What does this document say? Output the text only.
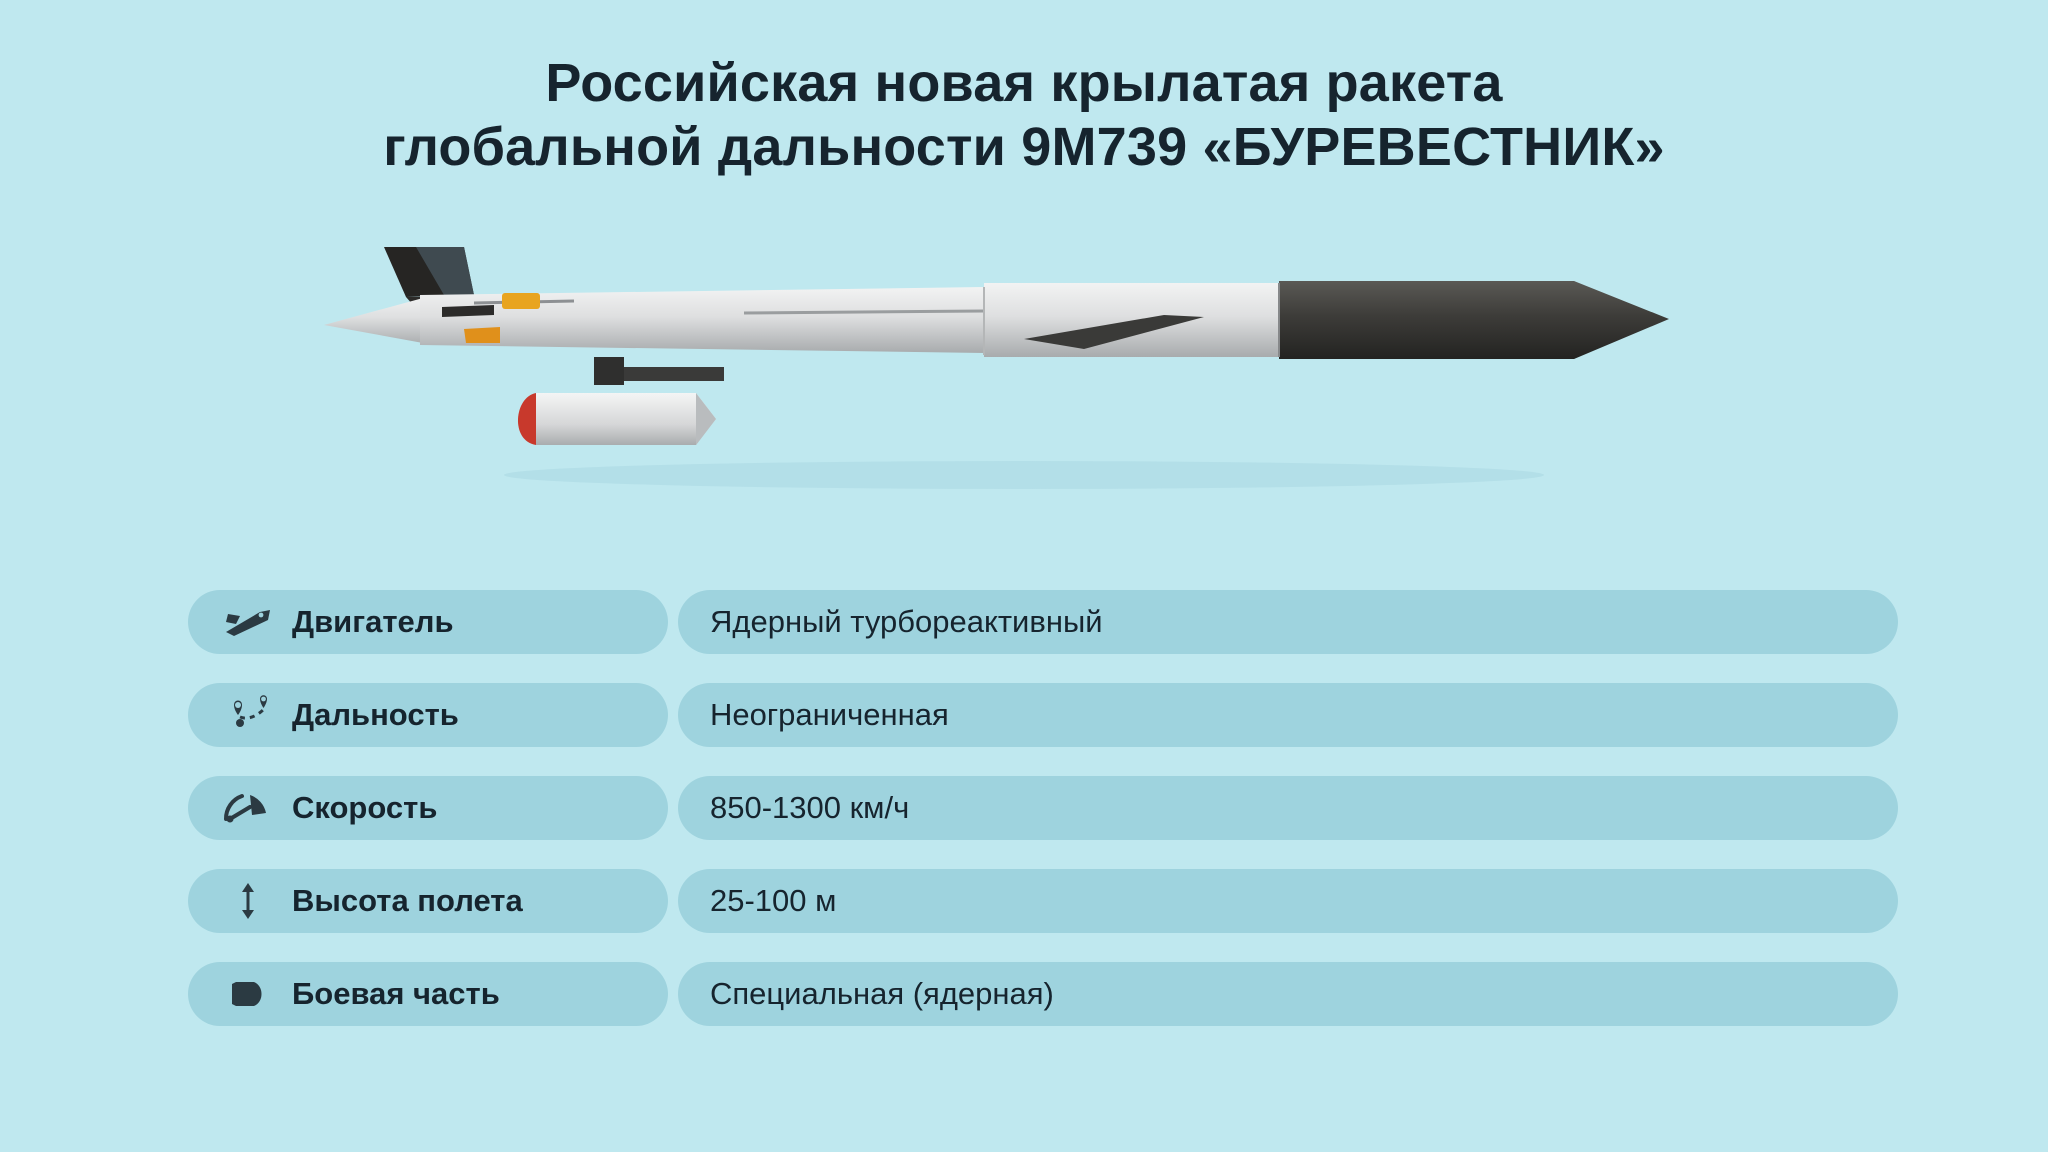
Российская новая крылатая ракета
глобальной дальности 9М739 «БУРЕВЕСТНИК»
Двигатель	Ядерный турбореактивный
Дальность	Неограниченная
Скорость	850-1300 км/ч
Высота полета	25-100 м
Боевая часть	Специальная (ядерная)
